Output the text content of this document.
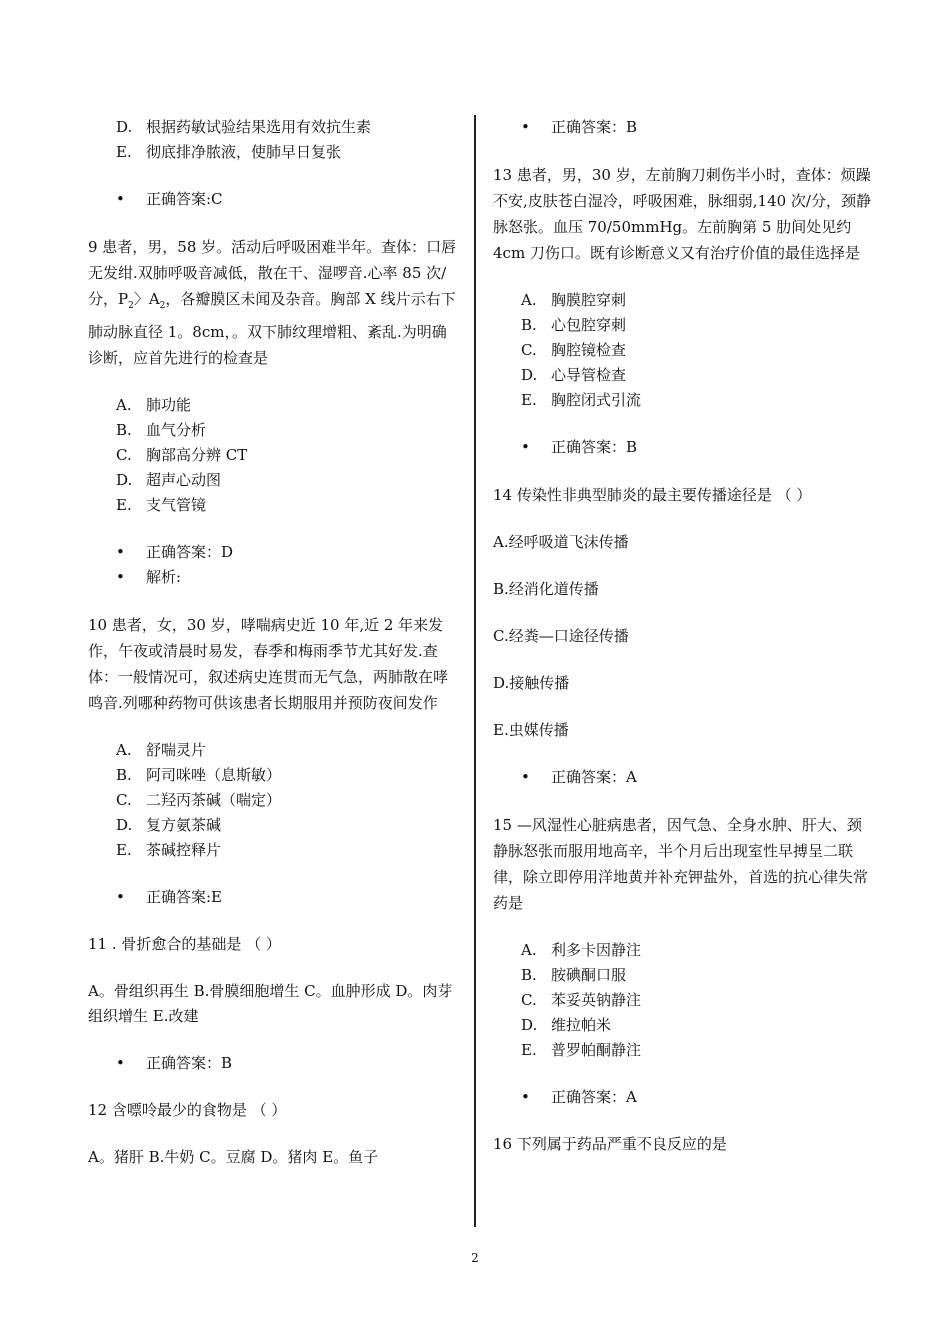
D. 根据药敏试验结果选用有效抗生素
E. 彻底排净脓液，使肺早日复张
•	正确答案:C
9 患者，男，58 岁。活动后呼吸困难半年。查体：口唇无发绀.双肺呼吸音减低，散在干、湿啰音.心率 85 次/分，$P_2$〉$A_2$，各瓣膜区未闻及杂音。胸部 X 线片示右下肺动脉直径 1。8cm，。双下肺纹理增粗、紊乱.为明确诊断，应首先进行的检查是
A. 肺功能
B. 血气分析
C. 胸部高分辨 CT
D. 超声心动图
E. 支气管镜
•	正确答案：D
•	解析:
10 患者，女，30 岁，哮喘病史近 10 年,近 2 年来发作，午夜或清晨时易发，春季和梅雨季节尤其好发.查体：一般情况可，叙述病史连贯而无气急，两肺散在哮鸣音.列哪种药物可供该患者长期服用并预防夜间发作
A. 舒喘灵片
B. 阿司咪唑（息斯敏）
C. 二羟丙茶碱（喘定）
D. 复方氨茶碱
E. 茶碱控释片
•	正确答案:E
11 . 骨折愈合的基础是 （ ）
A。骨组织再生 B.骨膜细胞增生 C。血肿形成 D。肉芽组织增生 E.改建
•	正确答案：B
12 含嘌呤最少的食物是 （ ）
A。猪肝 B.牛奶 C。豆腐 D。猪肉 E。鱼子
•	正确答案：B
13 患者，男，30 岁，左前胸刀刺伤半小时，查体：烦躁不安,皮肤苍白湿冷，呼吸困难，脉细弱,140 次/分，颈静脉怒张。血压 70/50mmHg。左前胸第 5 肋间处见约 4cm 刀伤口。既有诊断意义又有治疗价值的最佳选择是
A. 胸膜腔穿刺
B. 心包腔穿刺
C. 胸腔镜检查
D. 心导管检查
E. 胸腔闭式引流
•	正确答案：B
14 传染性非典型肺炎的最主要传播途径是 （ ）
A.经呼吸道飞沫传播
B.经消化道传播
C.经粪—口途径传播
D.接触传播
E.虫媒传播
•	正确答案：A
15 —风湿性心脏病患者，因气急、全身水肿、肝大、颈静脉怒张而服用地高辛，半个月后出现室性早搏呈二联律，除立即停用洋地黄并补充钾盐外，首选的抗心律失常药是
A. 利多卡因静注
B. 胺碘酮口服
C. 苯妥英钠静注
D. 维拉帕米
E. 普罗帕酮静注
•	正确答案：A
16 下列属于药品严重不良反应的是
2
